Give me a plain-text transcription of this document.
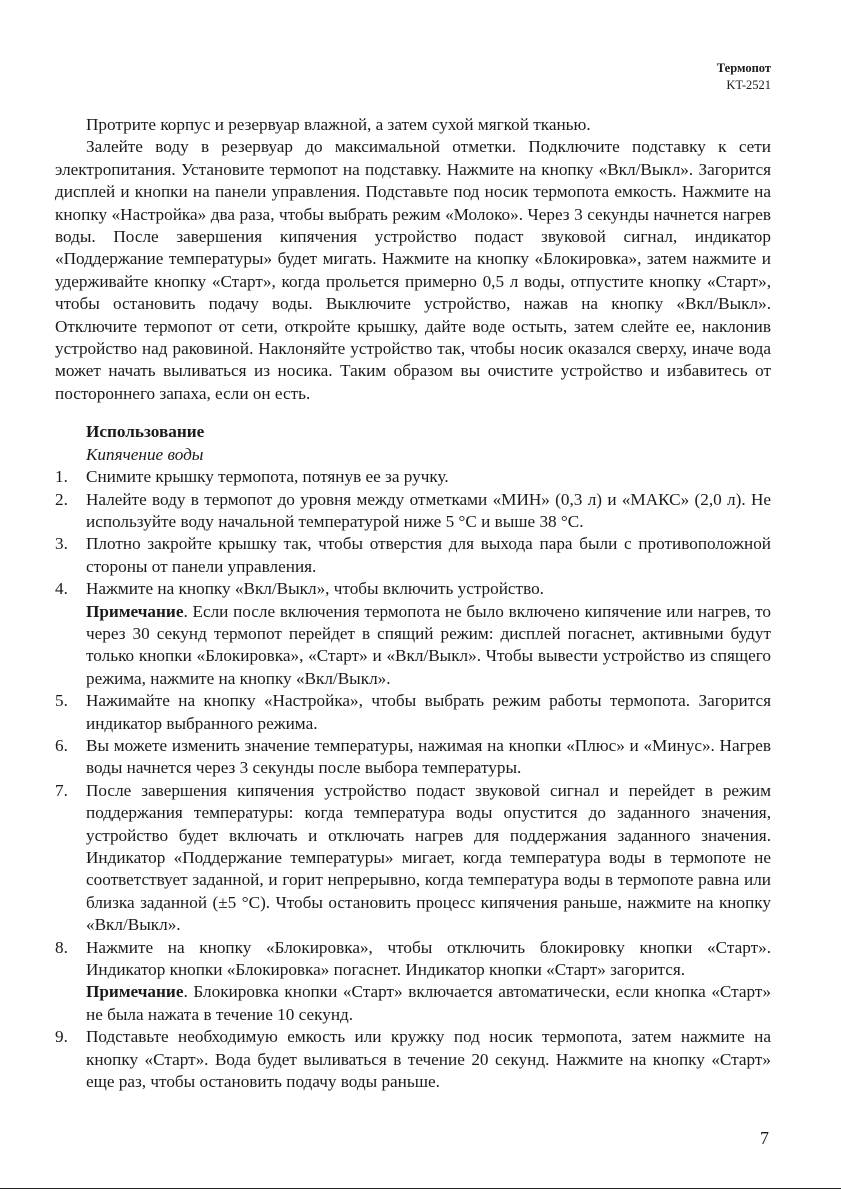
Термопот
KT-2521

Протрите корпус и резервуар влажной, а затем сухой мягкой тканью.

Залейте воду в резервуар до максимальной отметки. Подключите подставку к сети электропитания. Установите термопот на подставку. Нажмите на кнопку «Вкл/Выкл». Загорится дисплей и кнопки на панели управления. Подставьте под носик термопота емкость. Нажмите на кнопку «Настройка» два раза, чтобы выбрать режим «Молоко». Через 3 секунды начнется нагрев воды. После завершения кипячения устройство подаст звуковой сигнал, индикатор «Поддержание температуры» будет мигать. Нажмите на кнопку «Блокировка», затем нажмите и удерживайте кнопку «Старт», когда прольется примерно 0,5 л воды, отпустите кнопку «Старт», чтобы остановить подачу воды. Выключите устройство, нажав на кнопку «Вкл/Выкл». Отключите термопот от сети, откройте крышку, дайте воде остыть, затем слейте ее, наклонив устройство над раковиной. Наклоняйте устройство так, чтобы носик оказался сверху, иначе вода может начать выливаться из носика. Таким образом вы очистите устройство и избавитесь от постороннего запаха, если он есть.

Использование
Кипячение воды
1. Снимите крышку термопота, потянув ее за ручку.
2. Налейте воду в термопот до уровня между отметками «МИН» (0,3 л) и «МАКС» (2,0 л). Не используйте воду начальной температурой ниже 5 °С и выше 38 °С.
3. Плотно закройте крышку так, чтобы отверстия для выхода пара были с противоположной стороны от панели управления.
4. Нажмите на кнопку «Вкл/Выкл», чтобы включить устройство.
Примечание. Если после включения термопота не было включено кипячение или нагрев, то через 30 секунд термопот перейдет в спящий режим: дисплей погаснет, активными будут только кнопки «Блокировка», «Старт» и «Вкл/Выкл». Чтобы вывести устройство из спящего режима, нажмите на кнопку «Вкл/Выкл».
5. Нажимайте на кнопку «Настройка», чтобы выбрать режим работы термопота. Загорится индикатор выбранного режима.
6. Вы можете изменить значение температуры, нажимая на кнопки «Плюс» и «Минус». Нагрев воды начнется через 3 секунды после выбора температуры.
7. После завершения кипячения устройство подаст звуковой сигнал и перейдет в режим поддержания температуры: когда температура воды опустится до заданного значения, устройство будет включать и отключать нагрев для поддержания заданного значения. Индикатор «Поддержание температуры» мигает, когда температура воды в термопоте не соответствует заданной, и горит непрерывно, когда температура воды в термопоте равна или близка заданной (±5 °С). Чтобы остановить процесс кипячения раньше, нажмите на кнопку «Вкл/Выкл».
8. Нажмите на кнопку «Блокировка», чтобы отключить блокировку кнопки «Старт». Индикатор кнопки «Блокировка» погаснет. Индикатор кнопки «Старт» загорится.
Примечание. Блокировка кнопки «Старт» включается автоматически, если кнопка «Старт» не была нажата в течение 10 секунд.
9. Подставьте необходимую емкость или кружку под носик термопота, затем нажмите на кнопку «Старт». Вода будет выливаться в течение 20 секунд. Нажмите на кнопку «Старт» еще раз, чтобы остановить подачу воды раньше.
7
